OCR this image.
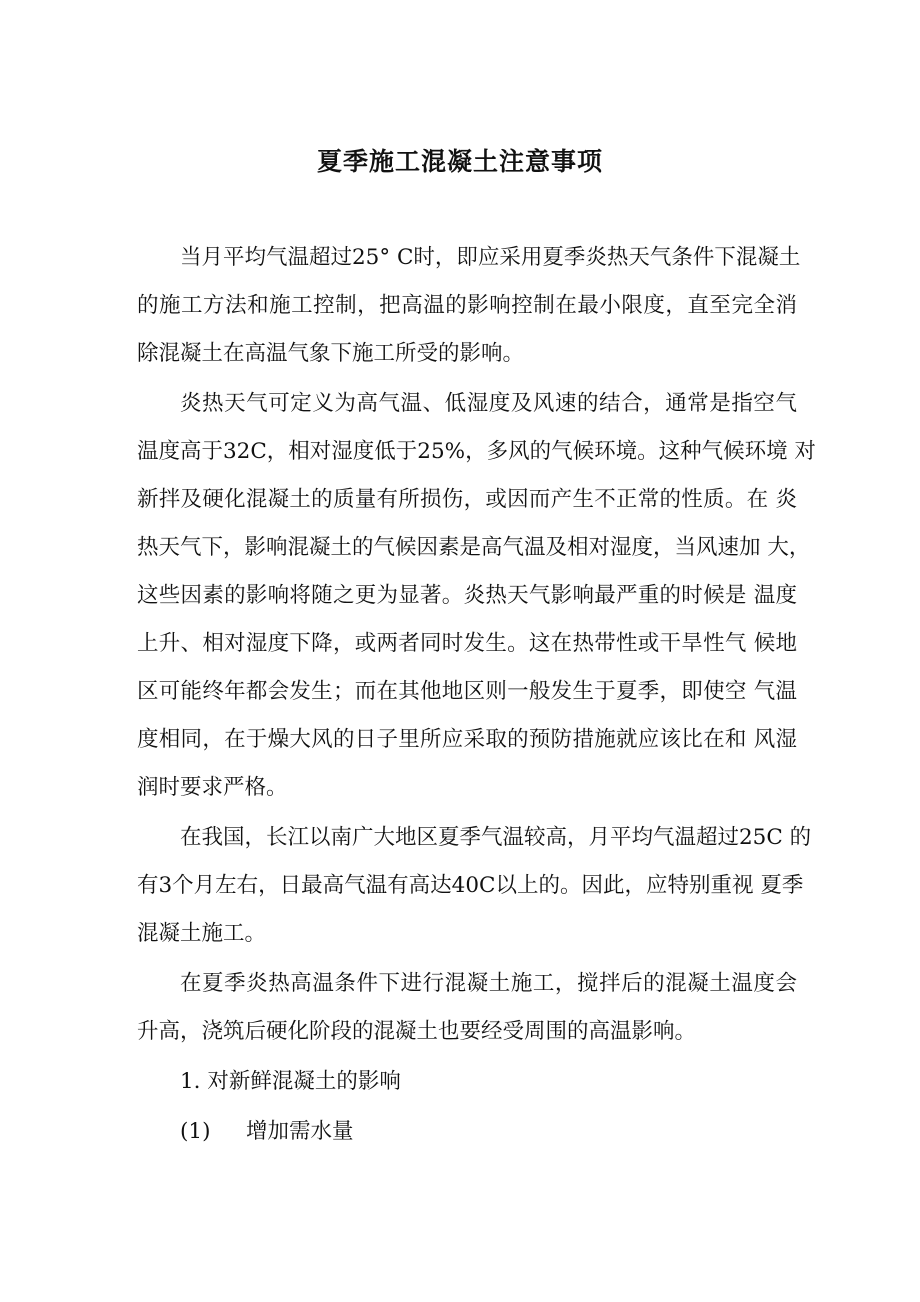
夏季施工混凝土注意事项
当月平均气温超过25° C时，即应采用夏季炎热天气条件下混凝土
的施工方法和施工控制，把高温的影响控制在最小限度，直至完全消
除混凝土在高温气象下施工所受的影响。
炎热天气可定义为高气温、低湿度及风速的结合，通常是指空气
温度高于32C，相对湿度低于25%，多风的气候环境。这种气候环境 对
新拌及硬化混凝土的质量有所损伤，或因而产生不正常的性质。在 炎
热天气下，影响混凝土的气候因素是高气温及相对湿度，当风速加 大，
这些因素的影响将随之更为显著。炎热天气影响最严重的时候是 温度
上升、相对湿度下降，或两者同时发生。这在热带性或干旱性气 候地
区可能终年都会发生；而在其他地区则一般发生于夏季，即使空 气温
度相同，在于燥大风的日子里所应采取的预防措施就应该比在和 风湿
润时要求严格。
在我国，长江以南广大地区夏季气温较高，月平均气温超过25C 的
有3个月左右，日最高气温有高达40C以上的。因此，应特别重视 夏季
混凝土施工。
在夏季炎热高温条件下进行混凝土施工，搅拌后的混凝土温度会
升高，浇筑后硬化阶段的混凝土也要经受周围的高温影响。
1. 对新鲜混凝土的影响
(1) 增加需水量
